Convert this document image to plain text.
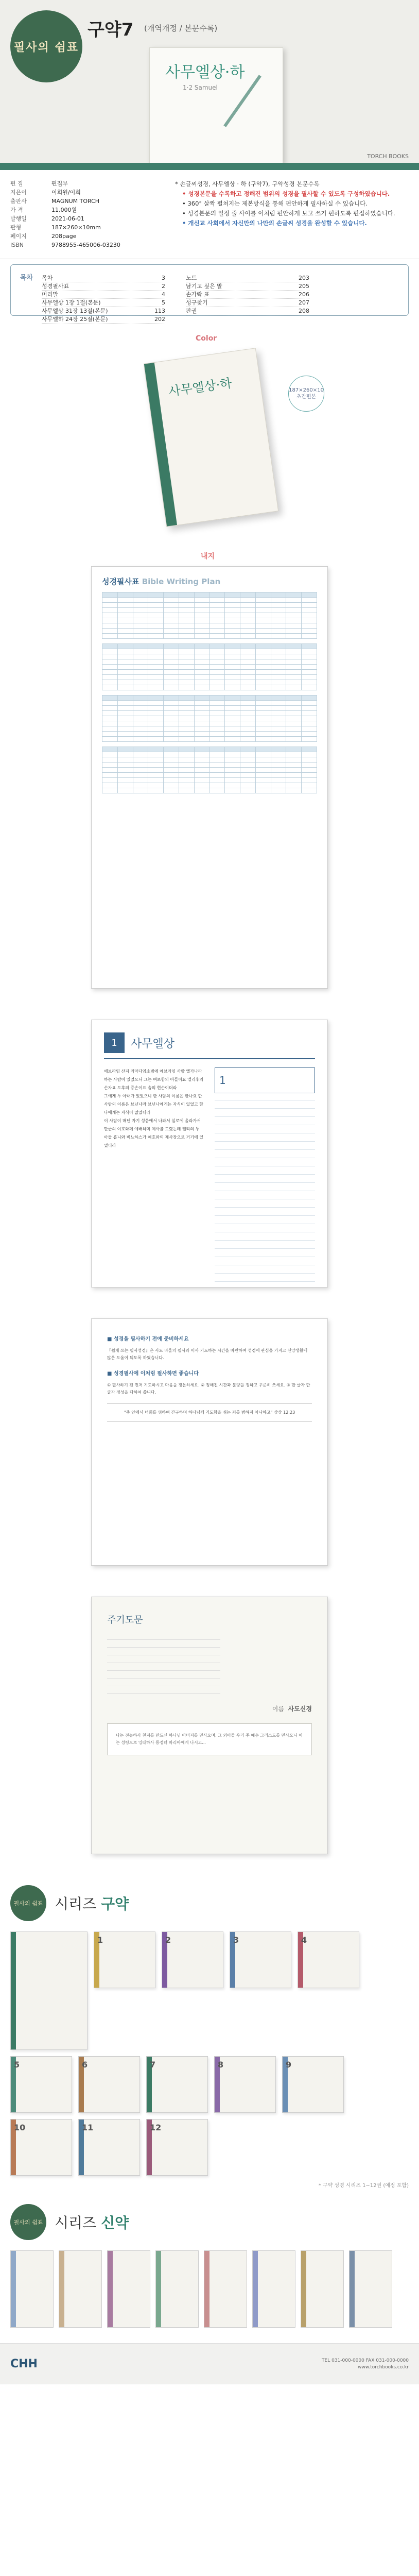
필사의 쉼표
구약7 (개역개정 / 본문수록)
사무엘상·하
1·2 Samuel
TORCH BOOKS
편 집	편집부
지은이	이희원/이희
출판사	MAGNUM TORCH
가 격	11,000원
발행일	2021-06-01
판형	187×260×10mm
페이지	208page
ISBN	9788955-465006-03230
* 손글씨성경, 사무엘상 · 하 (구약7), 구약성경 본문수록
• 성경본문을 수록하고 정해진 범위의 성경을 필사할 수 있도록 구성하였습니다.
• 360° 살짝 펼쳐지는 제본방식을 통해 편안하게 필사하실 수 있습니다.
• 성경본문의 일정 줄 사이를 이처럼 편안하게 보고 쓰기 편하도록 편집하였습니다.
• 개신교 사회에서 자신만의 나만의 손글씨 성경을 완성할 수 있습니다.
목차 목차	3
성경필사표	2
머리말	4
사무엘상 1장 1절(본문)	5
사무엘상 31장 13절(본문)	113
사무엘하 24장 25절(본문)	202
노트	203
남기고 싶은 말	205
손가락 표	206
성구찾기	207
판권	208
Color
사무엘상·하	187×260×10 초간편본
내지
성경필사표 Bible Writing Plan

1	사무엘상

에브라임 산지 라마다임소빔에 에브라임 사람 엘가나라 하는 사람이 있었으니 그는 여로함의 아들이요 엘리후의 손자요 도후의 증손이요 숩의 현손이더라

그에게 두 아내가 있었으니 한 사람의 이름은 한나요 한 사람의 이름은 브닌나라 브닌나에게는 자식이 있었고 한나에게는 자식이 없었더라

이 사람이 매년 자기 성읍에서 나와서 실로에 올라가서 만군의 여호와께 예배하며 제사를 드렸는데 엘리의 두 아들 홉니와 비느하스가 여호와의 제사장으로 거기에 있었더라

1
■ 성경을 필사하기 전에 준비하세요
『쉽게 쓰는 필사성경』은 사도 바울의 필사와 이사 기도하는 시간을 마련하여 성경에 관심을 가지고 신앙생활에 많은 도움이 되도록 하였습니다.
■ 성경필사에 이처럼 필사하면 좋습니다
① 필사하기 전 먼저 기도하시고 마음을 정돈하세요. ② 정해진 시간과 분량을 정하고 꾸준히 쓰세요. ③ 한 글자 한 글자 정성을 다하여 씁니다.
“주 안에서 너희를 위하여 간구하며 하나님께 기도함을 쉬는 죄를 범하지 아니하고” 삼상 12:23
주기도문
이름
사도신경
나는 전능하사 천지를 만드신 하나님 아버지를 믿사오며, 그 외아들 우리 주 예수 그리스도를 믿사오니 이는 성령으로 잉태하사 동정녀 마리아에게 나시고...
필사의 쉼표 시리즈 구약
1	2	3	4
5	6	7	8	9
10	11	12
* 구약 성경 시리즈 1~12권 (예정 포함)
필사의 쉼표 시리즈 신약
CHH	TEL 031-000-0000 FAX 031-000-0000
www.torchbooks.co.kr
